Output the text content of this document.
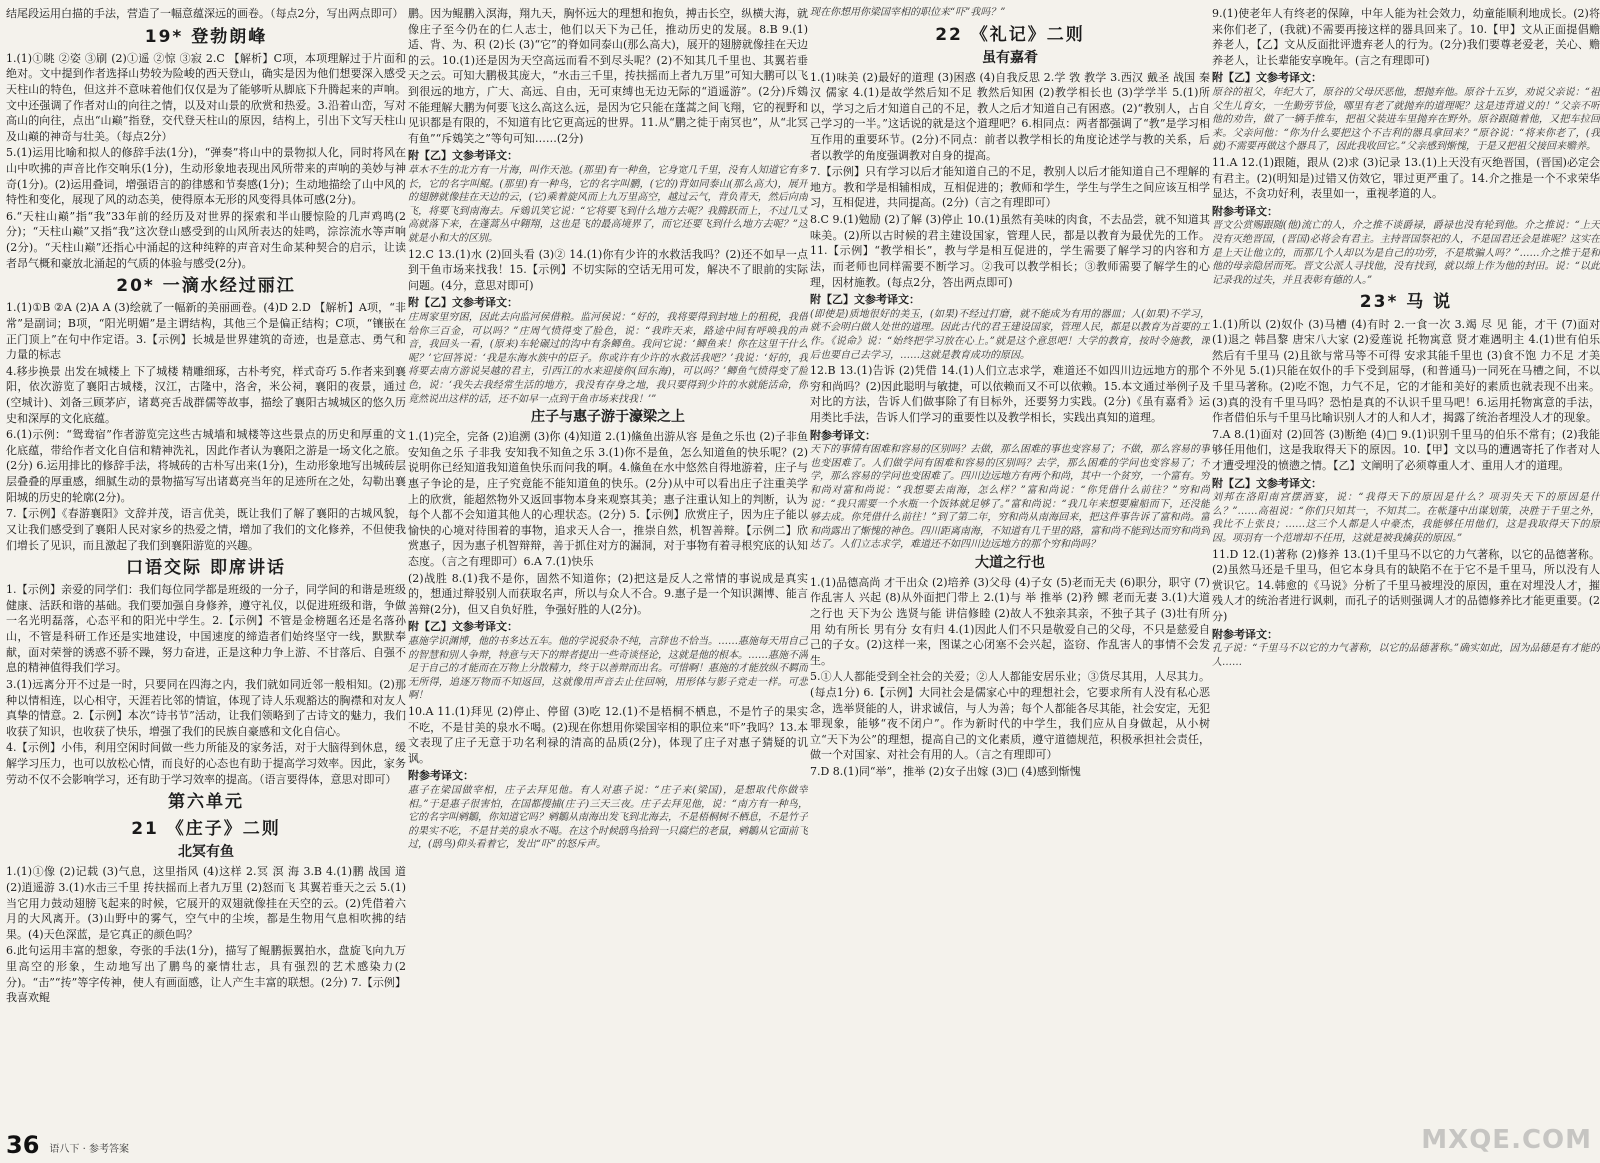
结尾段运用白描的手法，营造了一幅意蕴深远的画卷。（每点2分，写出两点即可）

19* 登勃朗峰

1.(1)①眺 ②姿 ③刷 (2)①遥 ②惊 ③寂 2.C 【解析】C项，本项理解过于片面和绝对。文中提到作者选择山势较为险峻的西天登山，确实是因为他们想要深入感受天柱山的特色，但这并不意味着他们仅仅是为了能够听从脚底下升腾起来的声响。文中还强调了作者对山的向往之情，以及对山景的欣赏和热爱。3.沿着山峦，写对高山的向往，点出“山巅”指登，交代登天柱山的原因，结构上，引出下文写天柱山及山巅的神奇与壮美。（每点2分）

5.(1)运用比喻和拟人的修辞手法(1分)，“弹奏”将山中的景物拟人化，同时将风在山中吹拂的声音比作交响乐(1分)，生动形象地表现出风所带来的声响的美妙与神奇(1分)。(2)运用叠词，增强语言的韵律感和节奏感(1分)；生动地描绘了山中风的特性和变化，展现了风的动态美，使得原本无形的风变得具体可感(2分)。

6.“天柱山巅”指“我”33年前的经历及对世界的探索和半山腰惊险的几声鸡鸣(2分)；“天柱山巅”又指“我”这次登山感受到的山风所表达的娃鸣，淙淙流水等声响(2分)。“天柱山巅”还指心中涌起的这种纯粹的声音对生命某种契合的启示，让读者昂气概和豪放北涌起的气质的体验与感受(2分)。

20* 一滴水经过丽江

1.(1)①B ②A (2)A A (3)绘就了一幅新的美丽画卷。(4)D 2.D 【解析】A项，“非常”是副词；B项，“阳光明媚”是主谓结构，其他三个是偏正结构；C项，“镶嵌在正门顶上”在句中作定语。3.【示例】长城是世界建筑的奇迹，也是意志、勇气和力量的标志

4.移步换景 出发在城楼上 下了城楼 精雕细琢，古朴考究，样式奇巧 5.作者来到襄阳，依次游览了襄阳古城楼，汉江，古隆中，洛舍，米公祠，襄阳的夜景，通过(空城计)、刘备三顾茅庐，诸葛亮舌战群儒等故事，描绘了襄阳古城城区的悠久历史和深厚的文化底蕴。

6.(1)示例：“鸳鸯宿”作者游览完这些古城墙和城楼等这些景点的历史和厚重的文化底蕴，带给作者文化自信和精神洗礼，因此作者认为襄阳之游是一场文化之旅。(2分) 6.运用排比的修辞手法，将城砖的古朴写出来(1分)，生动形象地写出城砖层层叠叠的厚重感，细腻生动的景物描写写出诸葛亮当年的足迹所在之处，勾勒出襄阳城的历史的轮廓(2分)。

7.【示例】《春游襄阳》文辞并茂，语言优美，既让我们了解了襄阳的古城风貌，又让我们感受到了襄阳人民对家乡的热爱之情，增加了我们的文化修养，不但使我们增长了见识，而且激起了我们到襄阳游览的兴趣。

口语交际 即席讲话

1.【示例】亲爱的同学们：我们每位同学都是班级的一分子，同学间的和谐是班级健康、活跃和谐的基础。我们要加强自身修养，遵守礼仪，以促进班级和谐，争做一名光明磊落，心态平和的阳光中学生。2.【示例】不管是金榜题名还是名落孙山，不管是科研工作还是实地建设，中国速度的缔造者们始终坚守一线，默默奉献，面对荣誉的诱惑不骄不躁，努力奋进，正是这种力争上游、不甘落后、自强不息的精神值得我们学习。

3.(1)远离分开不过是一时，只要同在四海之内，我们就如同近邻一般相知。(2)那种以情相连，以心相守，天涯若比邻的情谊，体现了诗人乐观豁达的胸襟和对友人真挚的情意。2.【示例】本次“诗书节”活动，让我们领略到了古诗文的魅力，我们收获了知识，也收获了快乐，增强了我们的民族自豪感和文化自信心。

4.【示例】小伟，利用空闲时间做一些力所能及的家务活，对于大脑得到休息，缓解学习压力，也可以放松心情，而良好的心态也有助于提高学习效率。因此，家务劳动不仅不会影响学习，还有助于学习效率的提高。（语言要得体，意思对即可）

第六单元
21 《庄子》二则
北冥有鱼

1.(1)①像 (2)记载 (3)气息，这里指风 (4)这样 2.冥 溟 海 3.B 4.(1)鹏 战国 道 (2)逍遥游 3.(1)水击三千里 抟扶摇而上者九万里 (2)怒而飞 其翼若垂天之云 5.(1)当它用力鼓动翅膀飞起来的时候，它展开的双翅就像挂在天空的云。(2)凭借着六月的大风离开。(3)山野中的雾气，空气中的尘埃，都是生物用气息相吹拂的结果。(4)天色深蓝，是它真正的颜色吗？

6.此句运用丰富的想象，夸张的手法(1分)，描写了鲲鹏振翼拍水，盘旋飞向九万里高空的形象，生动地写出了鹏鸟的豪情壮志，具有强烈的艺术感染力(2分)。“击”“抟”等字传神，使人有画面感，让人产生丰富的联想。(2分) 7.【示例】我喜欢鲲

鹏。因为鲲鹏入溟海，翔九天，胸怀远大的理想和抱负，搏击长空，纵横大海，就像庄子至今仍在的仁人志士，他们以天下为己任，推动历史的发展。8.B 9.(1)适、背、为、积 (2)长 (3)“它”的脊如同泰山(那么高大)，展开的翅膀就像挂在天边的云。10.(1)还是因为天空高远而看不到尽头呢？(2)不知其几千里也、其翼若垂天之云。可知大鹏极其庞大，“水击三千里，抟扶摇而上者九万里”可知大鹏可以飞到很远的地方，广大、高远、自由，无可束缚也无边无际的“逍遥游”。(2分)斥鴳不能理解大鹏为何要飞这么高这么远，是因为它只能在蓬蒿之间飞翔，它的视野和见识都是有限的，不知道有比它更高远的世界。11.从“鹏之徙于南冥也”，从“北冥有鱼”“斥鴳笑之”等句可知……(2分)

附【乙】文参考译文：

草木不生的北方有一片海，叫作天池。(那里)有一种鱼，它身宽几千里，没有人知道它有多长，它的名字叫鲲。(那里)有一种鸟，它的名字叫鹏，(它的)背如同泰山(那么高大)，展开的翅膀就像挂在天边的云，(它)乘着旋风而上九万里高空，越过云气，背负青天，然后向南飞，将要飞到南海去。斥鴳讥笑它说：“它将要飞到什么地方去呢？我腾跃而上，不过几丈高就落下来，在蓬蒿丛中翱翔，这也是飞的最高境界了，而它还要飞到什么地方去呢？”这就是小和大的区别。

12.C 13.(1)水 (2)回头看 (3)② 14.(1)你有少许的水救活我吗？(2)还不如早一点到干鱼市场来找我！15.【示例】不切实际的空话无用可发，解决不了眼前的实际问题。(4分，意思对即可)

附【乙】文参考译文：

庄周家里穷困，因此去向监河侯借粮。监河侯说：“好的，我将要得到封地上的租税，我借给你三百金，可以吗？”庄周气愤得变了脸色，说：“我昨天来，路途中间有呼唤我的声音，我回头一看，(原来)车轮碾过的沟中有条鲫鱼。我问它说：‘鲫鱼来！你在这里干什么呢？’它回答说：‘我是东海水族中的臣子。你或许有少许的水救活我吧？’我说：‘好的，我将要去南方游说吴越的君主，引西江的水来迎接你(回东海)，可以吗？’鲫鱼气愤得变了脸色，说：‘我失去我经常生活的地方，我没有存身之地，我只要得到少许的水就能活命，你竟然说出这样的话，还不如早一点到干鱼市场来找我！’”

庄子与惠子游于濠梁之上

1.(1)完全，完备 (2)追溯 (3)你 (4)知道 2.(1)鯈鱼出游从容 是鱼之乐也 (2)子非鱼 安知鱼之乐 子非我 安知我不知鱼之乐 3.(1)你不是鱼，怎么知道鱼的快乐呢？(2)说明你已经知道我知道鱼快乐而问我的啊。4.鯈鱼在水中悠然自得地游着，庄子与惠子争论的是，庄子究竟能不能知道鱼的快乐。(2分)从中可以看出庄子注重美学上的欣赏，能超然物外又返回事物本身来观察其美；惠子注重认知上的判断，认为每个人都不会知道其他人的心理状态。(2分) 5.【示例】欣赏庄子，因为庄子能以愉快的心境对待围着的事物，追求天人合一，推崇自然，机智善辩。【示例二】欣赏惠子，因为惠子机智辩辩，善于抓住对方的漏洞，对于事物有着寻根究底的认知态度。（言之有理即可）6.A 7.(1)快乐

(2)战胜 8.(1)我不是你，固然不知道你；(2)把这是反人之常情的事说成是真实的，想通过辩驳别人而获取名声，所以与众人不合。9.惠子是一个知识渊博、能言善辩(2分)，但又自负好胜，争强好胜的人(2分)。

附【乙】文参考译文：

惠施学识渊博，他的书多达五车。他的学说驳杂不纯，言辞也不恰当。……惠施每天用自己的智慧和别人争辩，特意与天下的辩者提出一些奇谈怪论，这就是他的根本。……惠施不满足于自己的才能而在万物上分散精力，终于以善辩而出名。可惜啊！惠施的才能放纵不羁而无所得，追逐万物而不知返回，这就像用声音去止住回响，用形体与影子竞走一样。可悲啊！

10.A 11.(1)拜见 (2)停止、停留 (3)吃 12.(1)不是梧桐不栖息，不是竹子的果实不吃，不是甘美的泉水不喝。(2)现在你想用你梁国宰相的职位来“吓”我吗？13.本文表现了庄子无意于功名利禄的清高的品质(2分)，体现了庄子对惠子猜疑的讥讽。

附参考译文：

惠子在梁国做宰相，庄子去拜见他。有人对惠子说：“庄子来(梁国)，是想取代你做宰相。”于是惠子很害怕，在国都搜捕(庄子)三天三夜。庄子去拜见他，说：“南方有一种鸟，它的名字叫鹓鶵，你知道它吗？鹓鶵从南海出发飞到北海去，不是梧桐树不栖息，不是竹子的果实不吃，不是甘美的泉水不喝。在这个时候鸱鸟拾到一只腐烂的老鼠，鹓鶵从它面前飞过，(鸱鸟)仰头看着它，发出“吓”的怒斥声。

现在你想用你梁国宰相的职位来“吓”我吗？”

22 《礼记》二则
虽有嘉肴

1.(1)味美 (2)最好的道理 (3)困惑 (4)自我反思 2.学 敩 教学 3.西汉 戴圣 战国 秦汉 儒家 4.(1)是故学然后知不足 教然后知困 (2)教学相长也 (3)学学半 5.(1)所以，学习之后才知道自己的不足，教人之后才知道自己有困惑。(2)“教别人，占自己学习的一半。”这话说的就是这个道理吧？6.相同点：两者都强调了“教”是学习相互作用的重要环节。(2分)不同点：前者以教学相长的角度论述学与教的关系，后者以教学的角度强调教对自身的提高。

7.【示例】只有学习以后才能知道自己的不足，教别人以后才能知道自己不理解的地方。教和学是相辅相成，互相促进的；教师和学生，学生与学生之间应该互相学习，互相促进，共同提高。(2分)（言之有理即可）

8.C 9.(1)勉励 (2)了解 (3)停止 10.(1)虽然有美味的肉食，不去品尝，就不知道其味美。(2)所以古时候的君主建设国家，管理人民，都是以教育为最优先的工作。11.【示例】“教学相长”，教与学是相互促进的，学生需要了解学习的内容和方法，而老师也同样需要不断学习。②我可以教学相长；③教师需要了解学生的心理，因材施教。(每点2分，答出两点即可)

附【乙】文参考译文：

(即使是)质地很好的美玉，(如果)不经过打磨，就不能成为有用的器皿；人(如果)不学习，就不会明白做人处世的道理。因此古代的君王建设国家，管理人民，都是以教育为首要的工作。《说命》说：“始终把学习放在心上。”就是这个意思吧！大学的教育，按时令施教，课后也要自己去学习，……这就是教育成功的原因。

12.B 13.(1)告诉 (2)凭借 14.(1)人们立志求学，难道还不如四川边远地方的那个穷和尚吗？(2)因此聪明与敏捷，可以依赖而又不可以依赖。15.本文通过举例子及对比的方法，告诉人们做事除了有目标外，还要努力实践。(2分)《虽有嘉肴》运用类比手法，告诉人们学习的重要性以及教学相长，实践出真知的道理。

附参考译文：

天下的事情有困难和容易的区别吗？去做，那么困难的事也变容易了；不做，那么容易的事也变困难了。人们做学问有困难和容易的区别吗？去学，那么困难的学问也变容易了；不学，那么容易的学问也变困难了。四川边远地方有两个和尚，其中一个贫穷，一个富有。穷和尚对富和尚说：“我想要去南海，怎么样？”富和尚说：“你凭借什么前往？”穷和尚说：“我只需要一个水瓶一个饭钵就足够了。”富和尚说：“我几年来想要雇船而下，还没能够去成。你凭借什么前往！”到了第二年，穷和尚从南海回来，把这件事告诉了富和尚。富和尚露出了惭愧的神色。四川距离南海，不知道有几千里的路，富和尚不能到达而穷和尚到达了。人们立志求学，难道还不如四川边远地方的那个穷和尚吗？

大道之行也

1.(1)品德高尚 才干出众 (2)培养 (3)父母 (4)子女 (5)老而无夫 (6)职分，职守 (7)作乱害人 兴起 (8)从外面把门带上 2.(1)与 举 推举 (2)矜 鳏 老而无妻 3.(1)大道之行也 天下为公 选贤与能 讲信修睦 (2)故人不独亲其亲，不独子其子 (3)壮有所用 幼有所长 男有分 女有归 4.(1)因此人们不只是敬爱自己的父母，不只是慈爱自己的子女。(2)这样一来，图谋之心闭塞不会兴起，盗窃、作乱害人的事情不会发生。

5.①人人都能受到全社会的关爱；②人人都能安居乐业；③货尽其用，人尽其力。(每点1分) 6.【示例】大同社会是儒家心中的理想社会，它要求所有人没有私心恶念，选举贤能的人，讲求诚信，与人为善；每个人都能各尽其能，社会安定，无犯罪现象，能够“夜不闭户”。作为新时代的中学生，我们应从自身做起，从小树立“天下为公”的理想，提高自己的文化素质，遵守道德规范，积极承担社会责任，做一个对国家、对社会有用的人。（言之有理即可）

7.D 8.(1)同“举”，推举 (2)女子出嫁 (3)□ (4)感到惭愧

9.(1)使老年人有终老的保障，中年人能为社会效力，幼童能顺利地成长。(2)将来你们老了，(我就)不需要再接这样的器具回来了。10.【甲】文从正面提倡赡养老人，【乙】文从反面批评遗弃老人的行为。(2分)我们要尊老爱老，关心、赡养老人，让长辈能安享晚年。(言之有理即可)

附【乙】文参考译文：

原谷的祖父，年纪大了，原谷的父母厌恶他，想抛弃他。原谷十五岁，劝说父亲说：“祖父生儿育女，一生勤劳节俭，哪里有老了就抛弃的道理呢？这是违背道义的！”父亲不听他的劝告，做了一辆手推车，把祖父装进车里抛弃在野外。原谷跟随着他，又把车拉回来。父亲问他：“你为什么要把这个不吉利的器具拿回来？”原谷说：“将来你老了，(我就)不需要再做这个器具了，因此我收回它。”父亲感到惭愧，于是又把祖父接回来赡养。

11.A 12.(1)跟随，跟从 (2)求 (3)记录 13.(1)上天没有灭绝晋国，(晋国)必定会有君主。(2)(明知是)过错又仿效它，罪过更严重了。14.介之推是一个不求荣华显达，不贪功好利，表里如一，重视孝道的人。

附参考译文：

晋文公赏赐跟随(他)流亡的人，介之推不谈爵禄，爵禄也没有轮到他。介之推说：“上天没有灭绝晋国，(晋国)必将会有君主。主持晋国祭祀的人，不是国君还会是谁呢？这实在是上天让他立的，而那几个人却以为是自己的功劳，不是欺骗人吗？”……介之推于是和他的母亲隐居而死。晋文公派人寻找他，没有找到，就以绵上作为他的封田。说：“以此记录我的过失，并且表彰有德的人。”

23* 马 说

1.(1)所以 (2)奴仆 (3)马槽 (4)有时 2.一食一次 3.竭 尽 见 能，才干 (7)面对 (1)退之 韩昌黎 唐宋八大家 (2)爱莲说 托物寓意 贤才难遇明主 4.(1)世有伯乐 然后有千里马 (2)且欲与常马等不可得 安求其能千里也 (3)食不饱 力不足 才美不外见 5.(1)只能在奴仆的手下受到屈辱，(和普通马)一同死在马槽之间，不以千里马著称。(2)吃不饱，力气不足，它的才能和美好的素质也就表现不出来。(3)真的没有千里马吗？恐怕是真的不认识千里马吧！6.运用托物寓意的手法，作者借伯乐与千里马比喻识别人才的人和人才，揭露了统治者埋没人才的现象。

7.A 8.(1)面对 (2)回答 (3)断绝 (4)□ 9.(1)识别千里马的伯乐不常有；(2)我能够任用他们，这是我取得天下的原因。10.【甲】文以马的遭遇寄托了作者对人才遭受埋没的愤懑之情。【乙】文阐明了必须尊重人才、重用人才的道理。

附【乙】文参考译文：

刘邦在洛阳南宫摆酒宴，说：“我得天下的原因是什么？项羽失天下的原因是什么？”……高祖说：“你们只知其一，不知其二。在帐篷中出谋划策，决胜于千里之外，我比不上张良；……这三个人都是人中豪杰，我能够任用他们，这是我取得天下的原因。项羽有一个范增却不任用，这就是被我擒获的原因。”

11.D 12.(1)著称 (2)修养 13.(1)千里马不以它的力气著称，以它的品德著称。(2)虽然马还是千里马，但它本身具有的缺陷不在于它不是千里马，所以没有人赏识它。14.韩愈的《马说》分析了千里马被埋没的原因，重在对埋没人才，摧残人才的统治者进行讽刺，而孔子的话则强调人才的品德修养比才能更重要。(2分)

附参考译文：

孔子说：“千里马不以它的力气著称，以它的品德著称。”确实如此，因为品德是有才能的人……

36 语八下 · 参考答案	MXQE.COM
